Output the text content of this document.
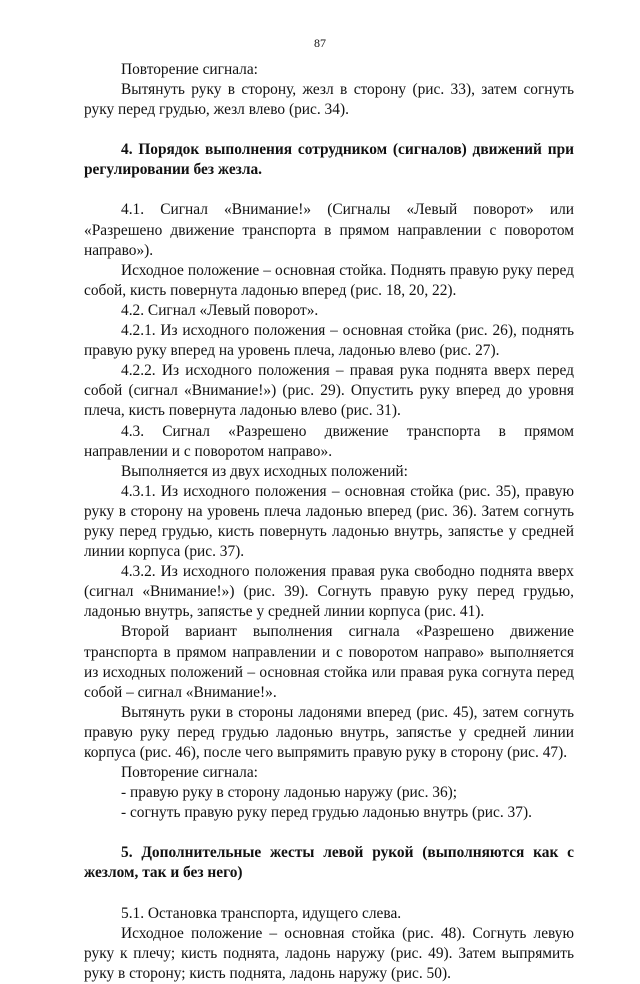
87

Повторение сигнала:

Вытянуть руку в сторону, жезл в сторону (рис. 33), затем согнуть руку перед грудью, жезл влево (рис. 34).

4. Порядок выполнения сотрудником (сигналов) движений при регулировании без жезла.

4.1. Сигнал «Внимание!» (Сигналы «Левый поворот» или «Разрешено движение транспорта в прямом направлении с поворотом направо»).

Исходное положение – основная стойка. Поднять правую руку перед собой, кисть повернута ладонью вперед (рис. 18, 20, 22).

4.2. Сигнал «Левый поворот».

4.2.1. Из исходного положения – основная стойка (рис. 26), поднять правую руку вперед на уровень плеча, ладонью влево (рис. 27).

4.2.2. Из исходного положения – правая рука поднята вверх перед собой (сигнал «Внимание!») (рис. 29). Опустить руку вперед до уровня плеча, кисть повернута ладонью влево (рис. 31).

4.3. Сигнал «Разрешено движение транспорта в прямом направлении и с поворотом направо».

Выполняется из двух исходных положений:

4.3.1. Из исходного положения – основная стойка (рис. 35), правую руку в сторону на уровень плеча ладонью вперед (рис. 36). Затем согнуть руку перед грудью, кисть повернуть ладонью внутрь, запястье у средней линии корпуса (рис. 37).

4.3.2. Из исходного положения правая рука свободно поднята вверх (сигнал «Внимание!») (рис. 39). Согнуть правую руку перед грудью, ладонью внутрь, запястье у средней линии корпуса (рис. 41).

Второй вариант выполнения сигнала «Разрешено движение транспорта в прямом направлении и с поворотом направо» выполняется из исходных положений – основная стойка или правая рука согнута перед собой – сигнал «Внимание!».

Вытянуть руки в стороны ладонями вперед (рис. 45), затем согнуть правую руку перед грудью ладонью внутрь, запястье у средней линии корпуса (рис. 46), после чего выпрямить правую руку в сторону (рис. 47).

Повторение сигнала:

- правую руку в сторону ладонью наружу (рис. 36);

- согнуть правую руку перед грудью ладонью внутрь (рис. 37).

5. Дополнительные жесты левой рукой (выполняются как с жезлом, так и без него)

5.1. Остановка транспорта, идущего слева.

Исходное положение – основная стойка (рис. 48). Согнуть левую руку к плечу; кисть поднята, ладонь наружу (рис. 49). Затем выпрямить руку в сторону; кисть поднята, ладонь наружу (рис. 50).
